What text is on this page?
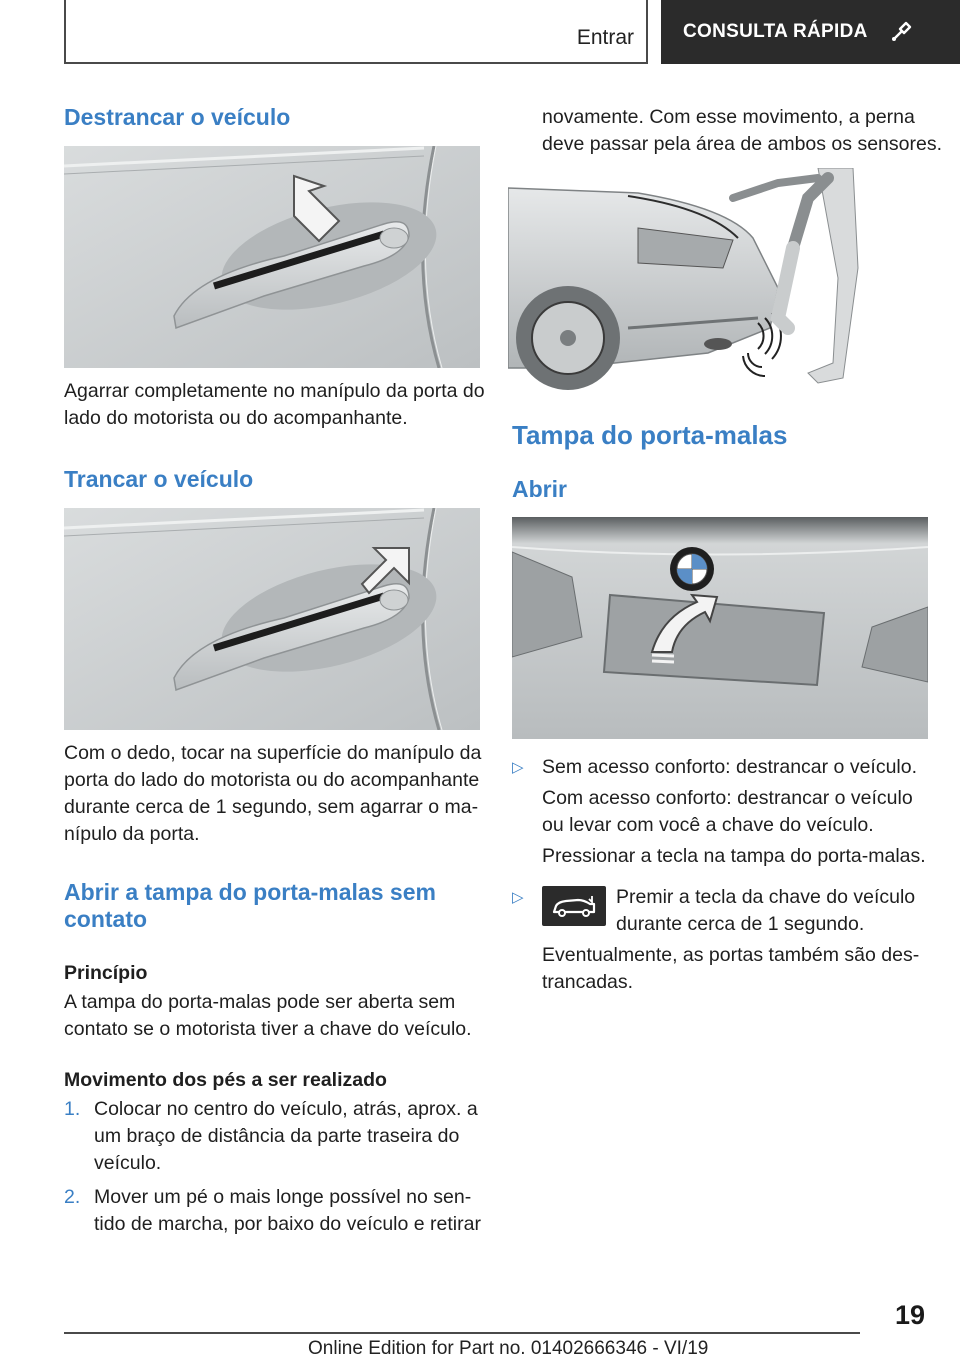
Entrar	CONSULTA RÁPIDA
Destrancar o veículo

Agarrar completamente no manípulo da porta do

lado do motorista ou do acompanhante.

Trancar o veículo

Com o dedo, tocar na superfície do manípulo da

porta do lado do motorista ou do acompanhante

durante cerca de 1 segundo, sem agarrar o ma‐

nípulo da porta.

Abrir a tampa do porta-malas sem
contato

Princípio

A tampa do porta-malas pode ser aberta sem

contato se o motorista tiver a chave do veículo.

Movimento dos pés a ser realizado

1. Colocar no centro do veículo, atrás, aprox. a

um braço de distância da parte traseira do

veículo.

2. Mover um pé o mais longe possível no sen‐

tido de marcha, por baixo do veículo e retirar

novamente. Com esse movimento, a perna

deve passar pela área de ambos os sensores.

Tampa do porta-malas
Abrir
▷ Sem acesso conforto: destrancar o veículo.

Com acesso conforto: destrancar o veículo

ou levar com você a chave do veículo.

Pressionar a tecla na tampa do porta-malas.

▷	Premir a tecla da chave do veículo

durante cerca de 1 segundo.

Eventualmente, as portas também são des‐

trancadas.

19
Online Edition for Part no. 01402666346 - VI/19
